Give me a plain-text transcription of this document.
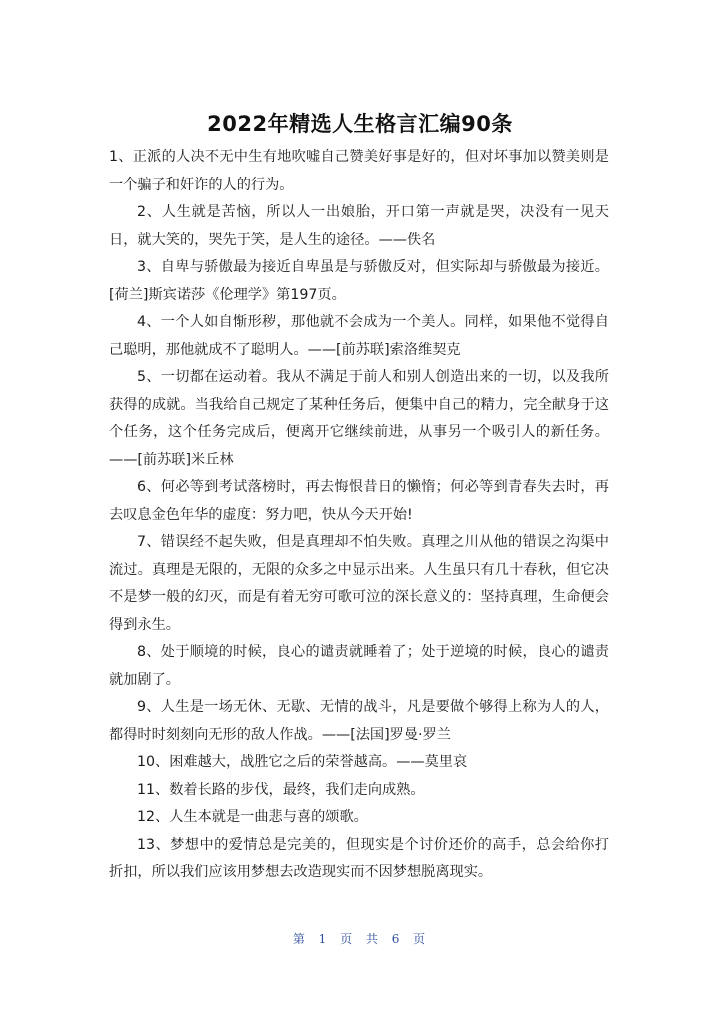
2022年精选人生格言汇编90条

1、正派的人决不无中生有地吹嘘自己赞美好事是好的，但对坏事加以赞美则是一个骗子和奸诈的人的行为。

2、人生就是苦恼，所以人一出娘胎，开口第一声就是哭，决没有一见天日，就大笑的，哭先于笑，是人生的途径。——佚名

3、自卑与骄傲最为接近自卑虽是与骄傲反对，但实际却与骄傲最为接近。[荷兰]斯宾诺莎《伦理学》第197页。

4、一个人如自惭形秽，那他就不会成为一个美人。同样，如果他不觉得自己聪明，那他就成不了聪明人。——[前苏联]索洛维契克

5、一切都在运动着。我从不满足于前人和别人创造出来的一切，以及我所获得的成就。当我给自己规定了某种任务后，便集中自己的精力，完全献身于这个任务，这个任务完成后，便离开它继续前进，从事另一个吸引人的新任务。——[前苏联]米丘林

6、何必等到考试落榜时，再去悔恨昔日的懒惰；何必等到青春失去时，再去叹息金色年华的虚度：努力吧，快从今天开始!

7、错误经不起失败，但是真理却不怕失败。真理之川从他的错误之沟渠中流过。真理是无限的，无限的众多之中显示出来。人生虽只有几十春秋，但它决不是梦一般的幻灭，而是有着无穷可歌可泣的深长意义的：坚持真理，生命便会得到永生。

8、处于顺境的时候，良心的谴责就睡着了；处于逆境的时候，良心的谴责就加剧了。

9、人生是一场无休、无歇、无情的战斗，凡是要做个够得上称为人的人，都得时时刻刻向无形的敌人作战。——[法国]罗曼·罗兰

10、困难越大，战胜它之后的荣誉越高。——莫里哀

11、数着长路的步伐，最终，我们走向成熟。

12、人生本就是一曲悲与喜的颂歌。

13、梦想中的爱情总是完美的，但现实是个讨价还价的高手，总会给你打折扣，所以我们应该用梦想去改造现实而不因梦想脱离现实。

第 1 页 共 6 页
